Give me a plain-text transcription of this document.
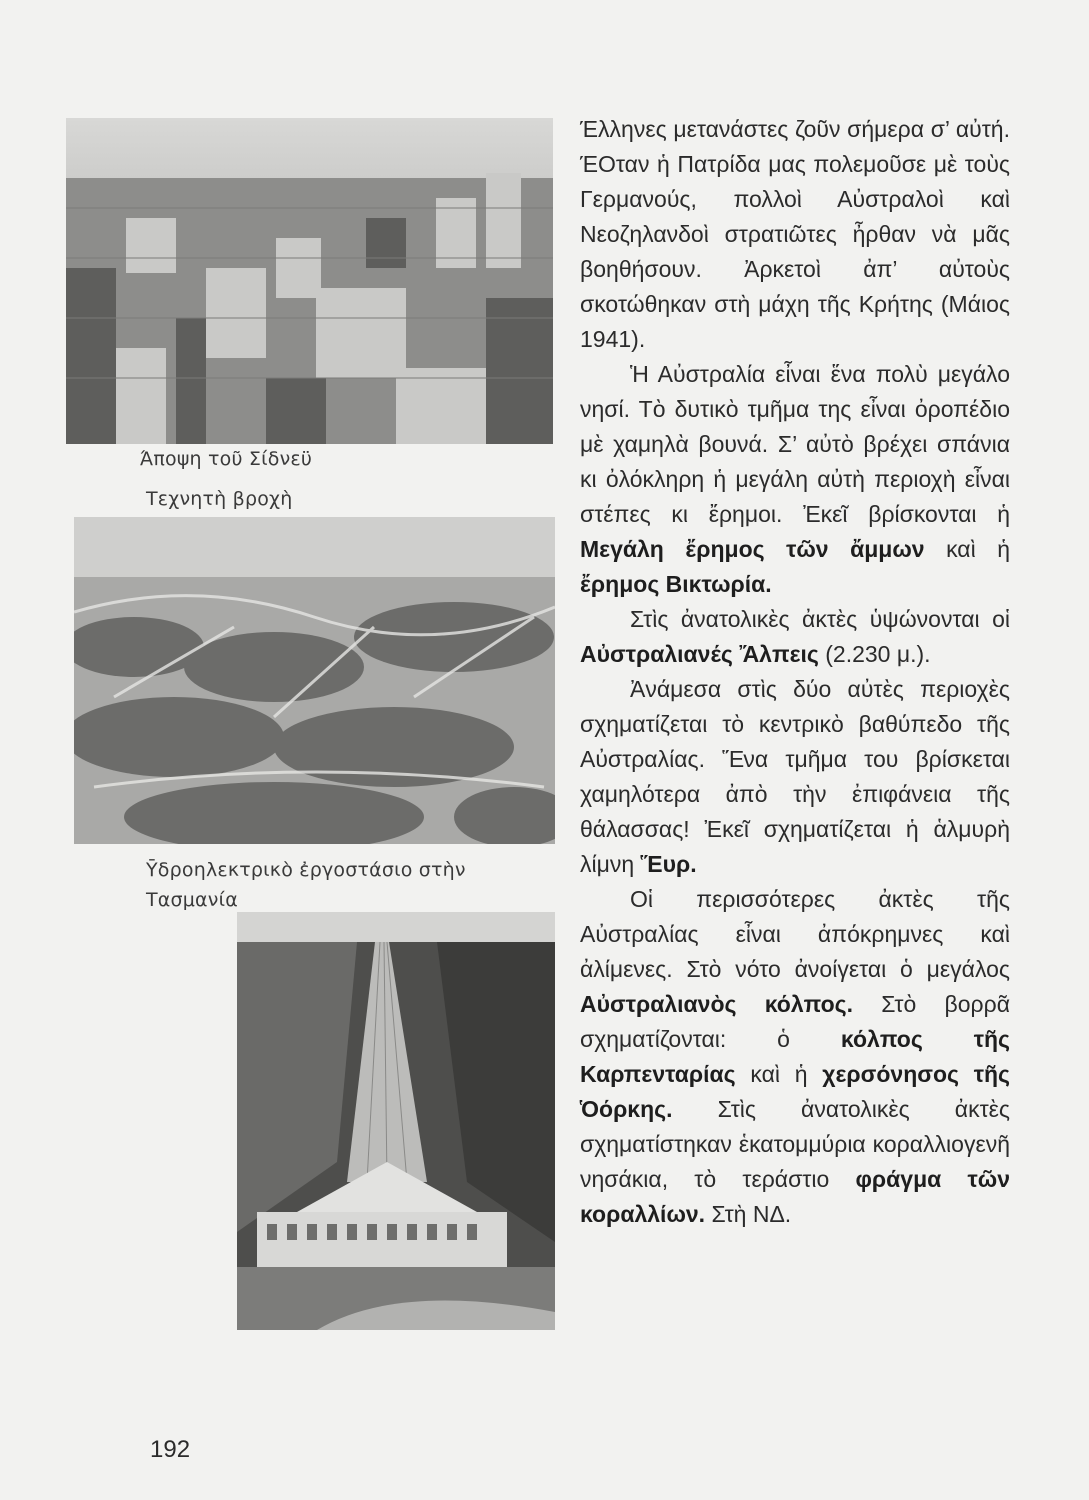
Άποψη τοῦ Σίδνεϋ
Τεχνητὴ βροχὴ
Ῡδροηλεκτρικὸ ἐργοστάσιο στὴν Τασμανία

Έλληνες μετανάστες ζοῦν σήμερα σ’ αὐτή. ΈΟταν ἡ Πατρίδα μας πολεμοῦσε μὲ τοὺς Γερμανούς, πολλοὶ Αὐστραλοὶ καὶ Νεοζηλανδοὶ στρατιῶτες ἦρθαν νὰ μᾶς βοηθήσουν. Ἀρκετοὶ ἀπ’ αὐτοὺς σκοτώθηκαν στὴ μάχη τῆς Κρήτης (Μάιος 1941).

Ἡ Αὐστραλία εἶναι ἕνα πολὺ μεγάλο νησί. Τὸ δυτικὸ τμῆμα της εἶναι ὀροπέδιο μὲ χαμηλὰ βουνά. Σ’ αὐτὸ βρέχει σπάνια κι ὀλόκληρη ἡ μεγάλη αὐτὴ περιοχὴ εἶναι στέπες κι ἔρημοι. Ἐκεῖ βρίσκονται ἡ Μεγάλη ἔρημος τῶν ἄμμων καὶ ἡ ἔρημος Βικτωρία.

Στὶς ἀνατολικὲς ἀκτὲς ὑψώνονται οἱ Αὐστραλιανές Ἄλπεις (2.230 μ.).

Ἀνάμεσα στὶς δύο αὐτὲς περιοχὲς σχηματίζεται τὸ κεντρικὸ βαθύπεδο τῆς Αὐστραλίας. Ἕνα τμῆμα του βρίσκεται χαμηλότερα ἀπὸ τὴν ἐπιφάνεια τῆς θάλασσας! Ἐκεῖ σχηματίζεται ἡ ἁλμυρὴ λίμνη Ἕυρ.

Οἱ περισσότερες ἀκτὲς τῆς Αὐστραλίας εἶναι ἀπόκρημνες καὶ ἀλίμενες. Στὸ νότο ἀνοίγεται ὁ μεγάλος Αὐστραλιανὸς κόλπος. Στὸ βορρᾶ σχηματίζονται: ὁ κόλπος τῆς Καρπενταρίας καὶ ἡ χερσόνησος τῆς Ὁόρκης. Στὶς ἀνατολικὲς ἀκτὲς σχηματίστηκαν ἑκατομμύρια κοραλλιογενῆ νησάκια, τὸ τεράστιο φράγμα τῶν κοραλλίων. Στὴ ΝΔ.

192
